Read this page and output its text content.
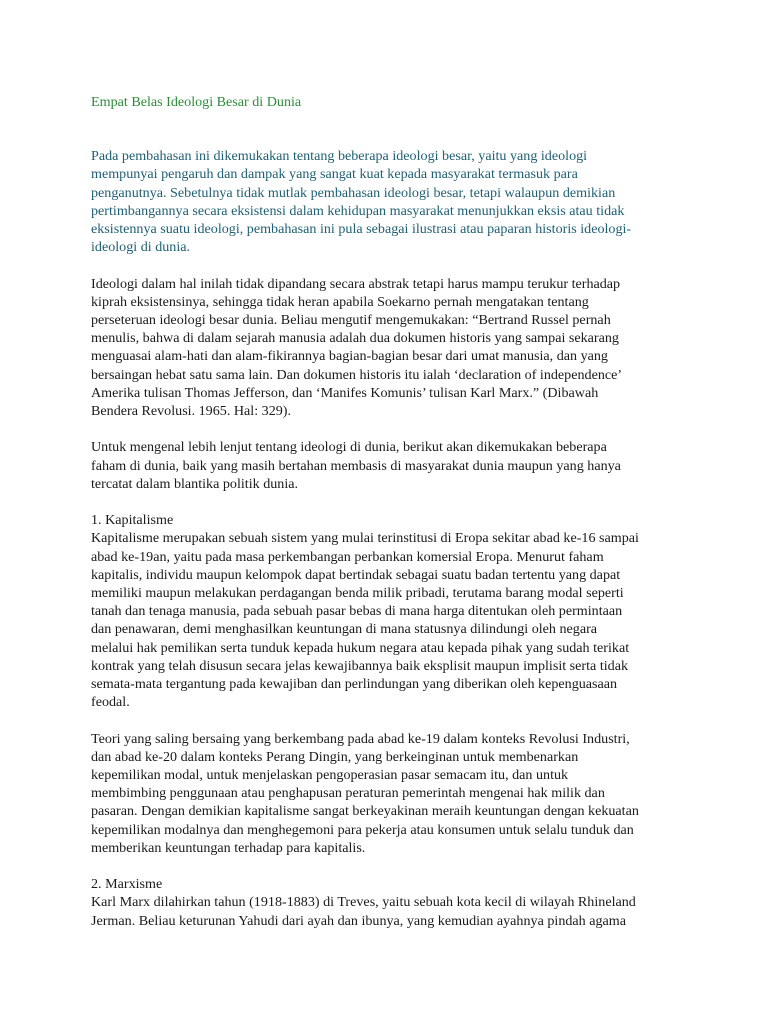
Empat Belas Ideologi Besar di Dunia

Pada pembahasan ini dikemukakan tentang beberapa ideologi besar, yaitu yang ideologi
mempunyai pengaruh dan dampak yang sangat kuat kepada masyarakat termasuk para
penganutnya. Sebetulnya tidak mutlak pembahasan ideologi besar, tetapi walaupun demikian
pertimbangannya secara eksistensi dalam kehidupan masyarakat menunjukkan eksis atau tidak
eksistennya suatu ideologi, pembahasan ini pula sebagai ilustrasi atau paparan historis ideologi-
ideologi di dunia.

Ideologi dalam hal inilah tidak dipandang secara abstrak tetapi harus mampu terukur terhadap
kiprah eksistensinya, sehingga tidak heran apabila Soekarno pernah mengatakan tentang
perseteruan ideologi besar dunia. Beliau mengutif mengemukakan: “Bertrand Russel pernah
menulis, bahwa di dalam sejarah manusia adalah dua dokumen historis yang sampai sekarang
menguasai alam-hati dan alam-fikirannya bagian-bagian besar dari umat manusia, dan yang
bersaingan hebat satu sama lain. Dan dokumen historis itu ialah ‘declaration of independence’
Amerika tulisan Thomas Jefferson, dan ‘Manifes Komunis’ tulisan Karl Marx.” (Dibawah
Bendera Revolusi. 1965. Hal: 329).

Untuk mengenal lebih lenjut tentang ideologi di dunia, berikut akan dikemukakan beberapa
faham di dunia, baik yang masih bertahan membasis di masyarakat dunia maupun yang hanya
tercatat dalam blantika politik dunia.

1. Kapitalisme

Kapitalisme merupakan sebuah sistem yang mulai terinstitusi di Eropa sekitar abad ke-16 sampai
abad ke-19an, yaitu pada masa perkembangan perbankan komersial Eropa. Menurut faham
kapitalis, individu maupun kelompok dapat bertindak sebagai suatu badan tertentu yang dapat
memiliki maupun melakukan perdagangan benda milik pribadi, terutama barang modal seperti
tanah dan tenaga manusia, pada sebuah pasar bebas di mana harga ditentukan oleh permintaan
dan penawaran, demi menghasilkan keuntungan di mana statusnya dilindungi oleh negara
melalui hak pemilikan serta tunduk kepada hukum negara atau kepada pihak yang sudah terikat
kontrak yang telah disusun secara jelas kewajibannya baik eksplisit maupun implisit serta tidak
semata-mata tergantung pada kewajiban dan perlindungan yang diberikan oleh kepenguasaan
feodal.

Teori yang saling bersaing yang berkembang pada abad ke-19 dalam konteks Revolusi Industri,
dan abad ke-20 dalam konteks Perang Dingin, yang berkeinginan untuk membenarkan
kepemilikan modal, untuk menjelaskan pengoperasian pasar semacam itu, dan untuk
membimbing penggunaan atau penghapusan peraturan pemerintah mengenai hak milik dan
pasaran. Dengan demikian kapitalisme sangat berkeyakinan meraih keuntungan dengan kekuatan
kepemilikan modalnya dan menghegemoni para pekerja atau konsumen untuk selalu tunduk dan
memberikan keuntungan terhadap para kapitalis.

2. Marxisme

Karl Marx dilahirkan tahun (1918-1883) di Treves, yaitu sebuah kota kecil di wilayah Rhineland
Jerman. Beliau keturunan Yahudi dari ayah dan ibunya, yang kemudian ayahnya pindah agama
